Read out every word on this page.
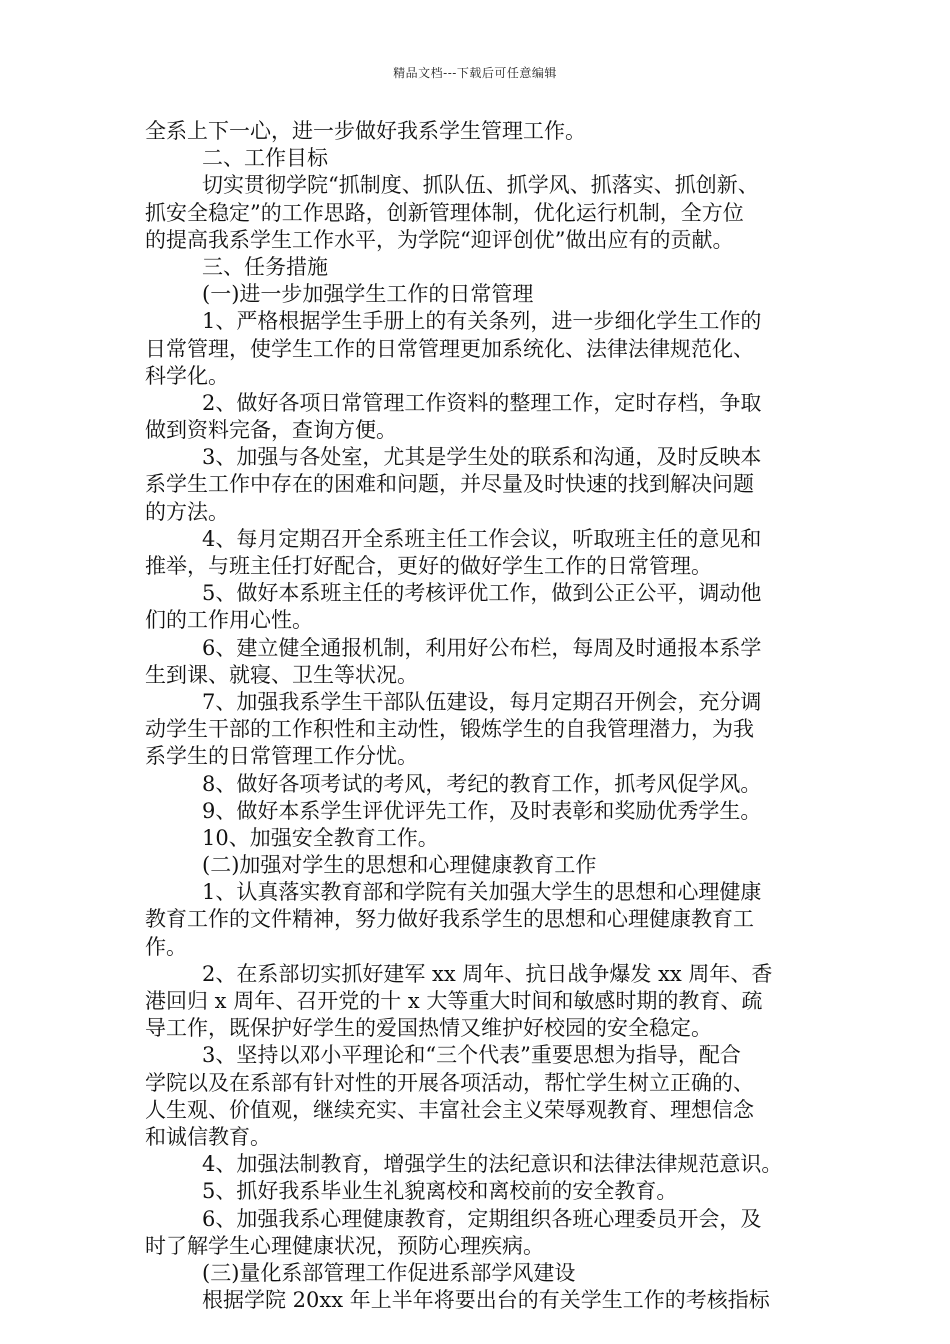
精品文档---下载后可任意编辑
全系上下一心，进一步做好我系学生管理工作。
二、工作目标
切实贯彻学院“抓制度、抓队伍、抓学风、抓落实、抓创新、
抓安全稳定”的工作思路，创新管理体制，优化运行机制，全方位
的提高我系学生工作水平，为学院“迎评创优”做出应有的贡献。
三、任务措施
(一)进一步加强学生工作的日常管理
1、严格根据学生手册上的有关条列，进一步细化学生工作的
日常管理，使学生工作的日常管理更加系统化、法律法律规范化、
科学化。
2、做好各项日常管理工作资料的整理工作，定时存档，争取
做到资料完备，查询方便。
3、加强与各处室，尤其是学生处的联系和沟通，及时反映本
系学生工作中存在的困难和问题，并尽量及时快速的找到解决问题
的方法。
4、每月定期召开全系班主任工作会议，听取班主任的意见和
推举，与班主任打好配合，更好的做好学生工作的日常管理。
5、做好本系班主任的考核评优工作，做到公正公平，调动他
们的工作用心性。
6、建立健全通报机制，利用好公布栏，每周及时通报本系学
生到课、就寝、卫生等状况。
7、加强我系学生干部队伍建设，每月定期召开例会，充分调
动学生干部的工作积性和主动性，锻炼学生的自我管理潜力，为我
系学生的日常管理工作分忧。
8、做好各项考试的考风，考纪的教育工作，抓考风促学风。
9、做好本系学生评优评先工作，及时表彰和奖励优秀学生。
10、加强安全教育工作。
(二)加强对学生的思想和心理健康教育工作
1、认真落实教育部和学院有关加强大学生的思想和心理健康
教育工作的文件精神，努力做好我系学生的思想和心理健康教育工
作。
2、在系部切实抓好建军 xx 周年、抗日战争爆发 xx 周年、香
港回归 x 周年、召开党的十 x 大等重大时间和敏感时期的教育、疏
导工作，既保护好学生的爱国热情又维护好校园的安全稳定。
3、坚持以邓小平理论和“三个代表”重要思想为指导，配合
学院以及在系部有针对性的开展各项活动，帮忙学生树立正确的、
人生观、价值观，继续充实、丰富社会主义荣辱观教育、理想信念
和诚信教育。
4、加强法制教育，增强学生的法纪意识和法律法律规范意识。
5、抓好我系毕业生礼貌离校和离校前的安全教育。
6、加强我系心理健康教育，定期组织各班心理委员开会，及
时了解学生心理健康状况，预防心理疾病。
(三)量化系部管理工作促进系部学风建设
根据学院 20xx 年上半年将要出台的有关学生工作的考核指标
